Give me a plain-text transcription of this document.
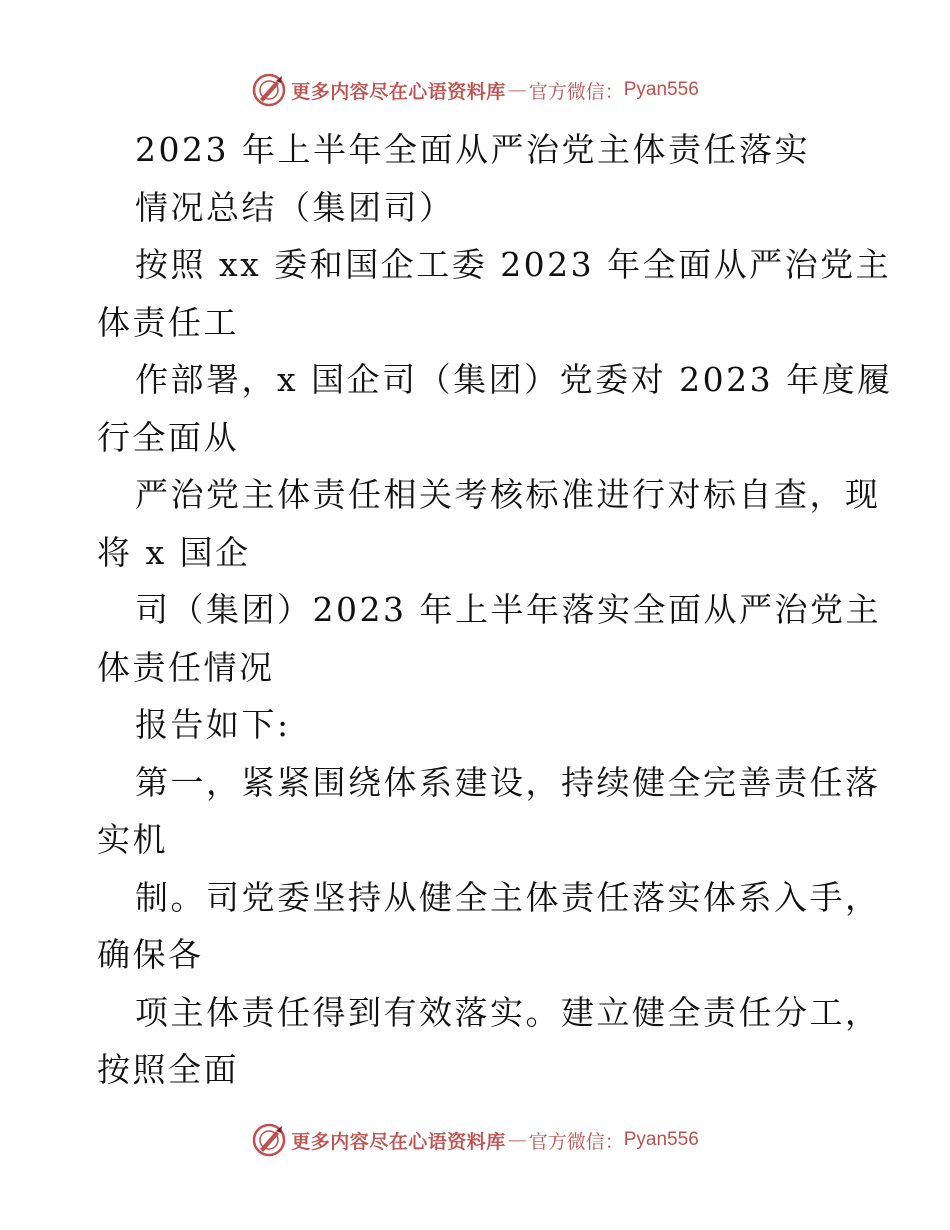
更多内容尽在心语资料库 — 官方微信： Pyan556

2023 年上半年全面从严治党主体责任落实

情况总结（集团司）

按照 xx 委和国企工委 2023 年全面从严治党主

体责任工

作部署，x 国企司（集团）党委对 2023 年度履

行全面从

严治党主体责任相关考核标准进行对标自查，现

将 x 国企

司（集团）2023 年上半年落实全面从严治党主

体责任情况

报告如下:

第一，紧紧围绕体系建设，持续健全完善责任落

实机

制。司党委坚持从健全主体责任落实体系入手，

确保各

项主体责任得到有效落实。建立健全责任分工，

按照全面

更多内容尽在心语资料库 — 官方微信： Pyan556
